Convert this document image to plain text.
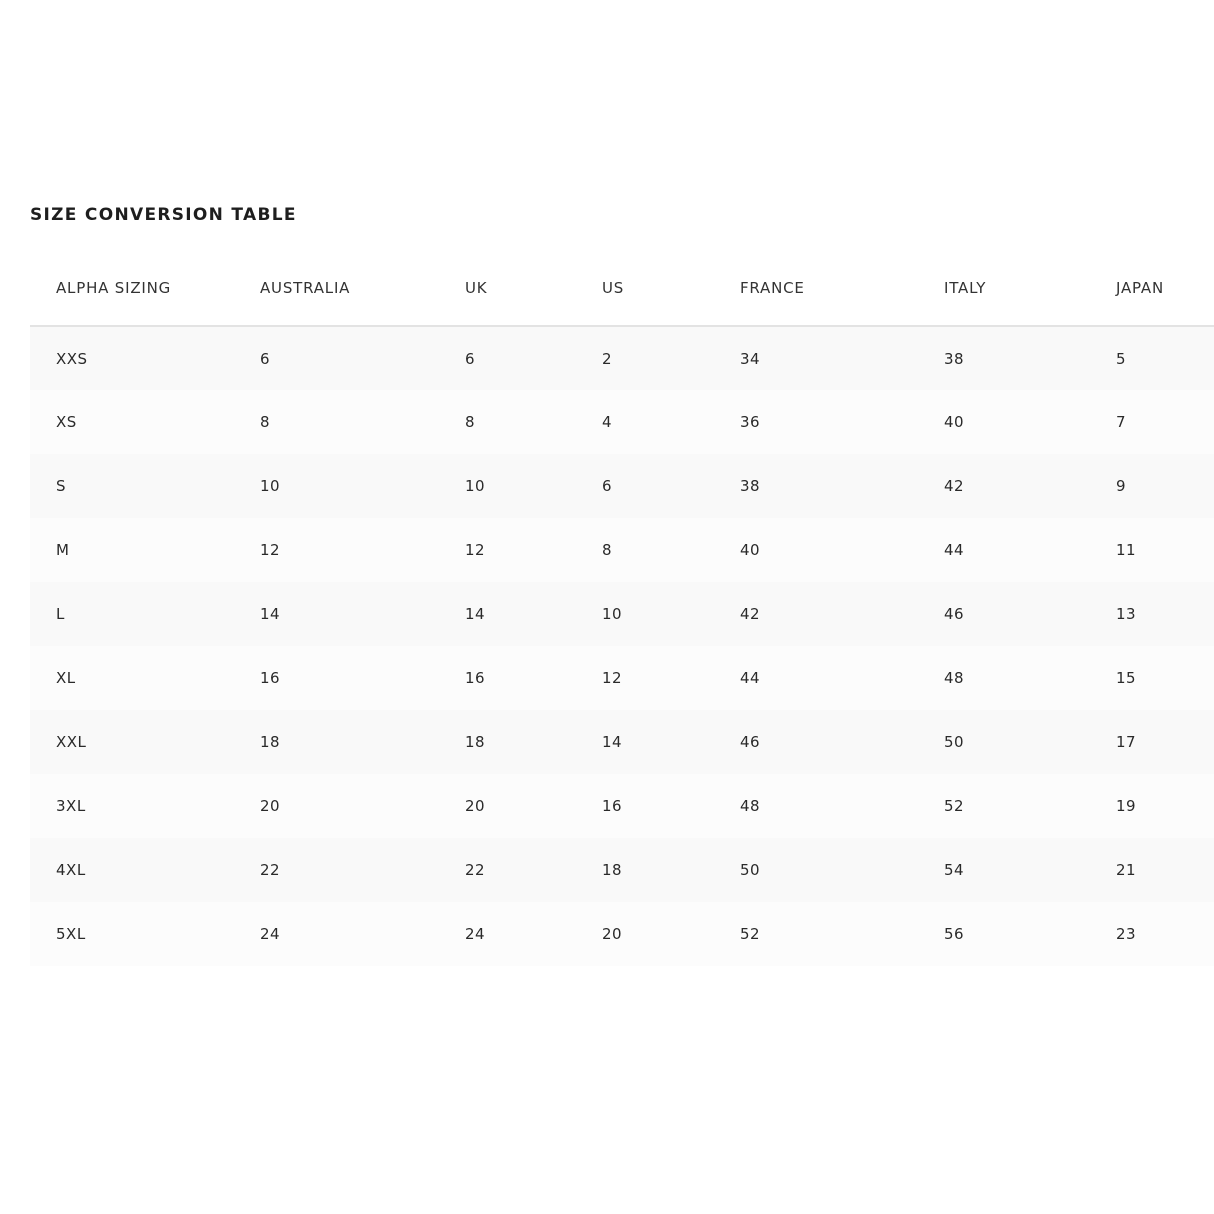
SIZE CONVERSION TABLE
ALPHA SIZING	AUSTRALIA	UK	US	FRANCE	ITALY	JAPAN
XXS	6	6	2	34	38	5
XS	8	8	4	36	40	7
S	10	10	6	38	42	9
M	12	12	8	40	44	11
L	14	14	10	42	46	13
XL	16	16	12	44	48	15
XXL	18	18	14	46	50	17
3XL	20	20	16	48	52	19
4XL	22	22	18	50	54	21
5XL	24	24	20	52	56	23
